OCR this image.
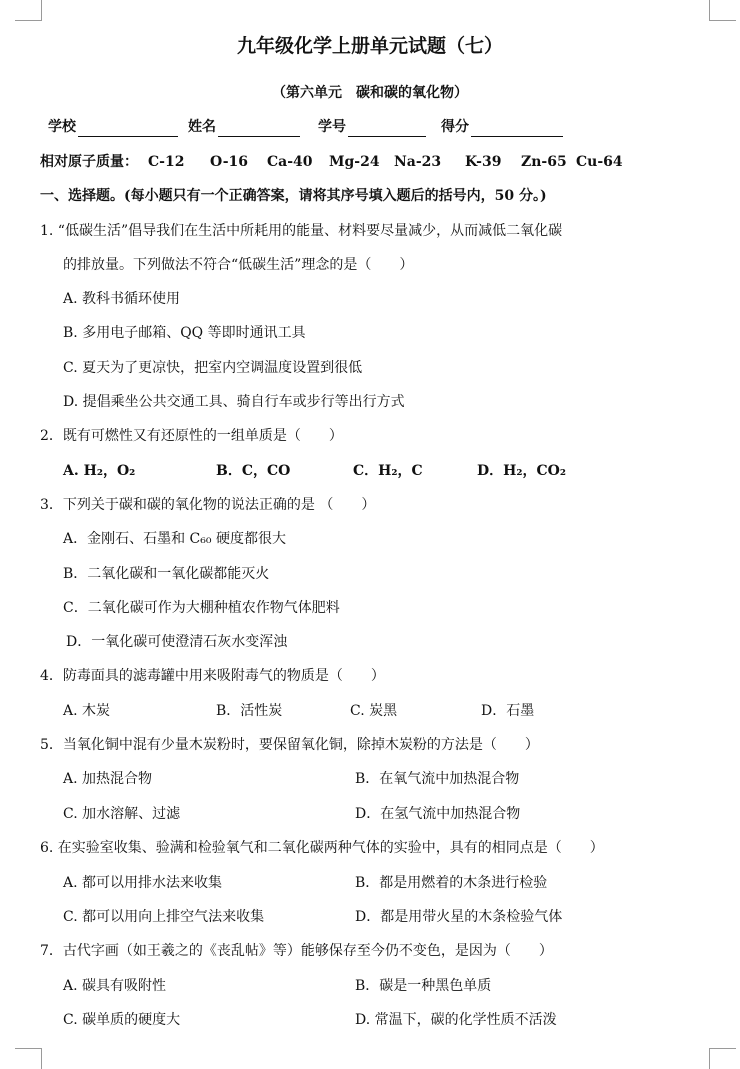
九年级化学上册单元试题（七）
（第六单元　碳和碳的氧化物）
学校	姓名	学号	得分
相对原子质量： C-12 O-16 Ca-40 Mg-24 Na-23 K-39 Zn-65 Cu-64
一、选择题。(每小题只有一个正确答案，请将其序号填入题后的括号内，50 分。)
1. “低碳生活”倡导我们在生活中所耗用的能量、材料要尽量减少，从而减低二氧化碳
的排放量。下列做法不符合“低碳生活”理念的是（　　）
A. 教科书循环使用
B. 多用电子邮箱、QQ 等即时通讯工具
C. 夏天为了更凉快，把室内空调温度设置到很低
D. 提倡乘坐公共交通工具、骑自行车或步行等出行方式
2．既有可燃性又有还原性的一组单质是（　　）
A. H₂，O₂	B．C，CO	C．H₂，C	D．H₂，CO₂
3．下列关于碳和碳的氧化物的说法正确的是 （　　）
A．金刚石、石墨和 C₆₀ 硬度都很大
B．二氧化碳和一氧化碳都能灭火
C．二氧化碳可作为大棚种植农作物气体肥料
D．一氧化碳可使澄清石灰水变浑浊
4．防毒面具的滤毒罐中用来吸附毒气的物质是（　　）
A. 木炭	B．活性炭	C. 炭黑	D．石墨
5．当氧化铜中混有少量木炭粉时，要保留氧化铜，除掉木炭粉的方法是（　　）
A. 加热混合物	B．在氧气流中加热混合物
C. 加水溶解、过滤	D．在氢气流中加热混合物
6. 在实验室收集、验满和检验氧气和二氧化碳两种气体的实验中，具有的相同点是（　　）
A. 都可以用排水法来收集	B．都是用燃着的木条进行检验
C. 都可以用向上排空气法来收集	D．都是用带火星的木条检验气体
7．古代字画（如王羲之的《丧乱帖》等）能够保存至今仍不变色，是因为（　　）
A. 碳具有吸附性	B．碳是一种黑色单质
C. 碳单质的硬度大	D. 常温下，碳的化学性质不活泼
